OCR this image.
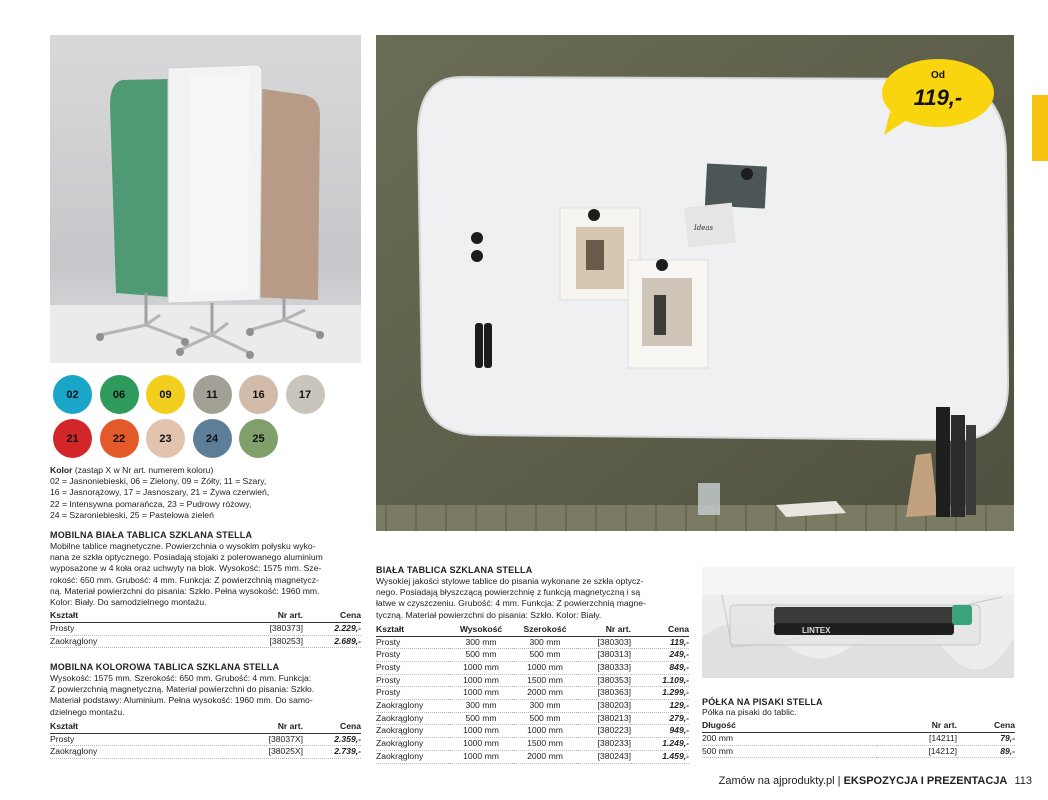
02	06	09	11	16	17
21	22	23	24	25
Kolor (zastąp X w Nr art. numerem koloru)
02 = Jasnoniebieski, 06 = Zielony, 09 = Żółty, 11 = Szary,
16 = Jasnorążowy, 17 = Jasnoszary, 21 = Żywa czerwień,
22 = Intensywna pomarańcza, 23 = Pudrowy różowy,
24 = Szaroniebieski, 25 = Pastelowa zieleń
MOBILNA BIAŁA TABLICA SZKLANA STELLA
Mobilne tablice magnetyczne. Powierzchnia o wysokim połysku wyko-
nana ze szkła optycznego. Posiadają stojaki z polerowanego aluminium
wyposażone w 4 koła oraz uchwyty na blok. Wysokość: 1575 mm. Sze-
rokość: 650 mm. Grubość: 4 mm. Funkcja: Z powierzchnią magnetycz-
ną. Materiał powierzchni do pisania: Szkło. Pełna wysokość: 1960 mm.
Kolor: Biały. Do samodzielnego montażu.
Kształt	Nr art.	Cena
Prosty	[380373]	2.229,-
Zaokrąglony	[380253]	2.689,-
MOBILNA KOLOROWA TABLICA SZKLANA STELLA
Wysokość: 1575 mm. Szerokość: 650 mm. Grubość: 4 mm. Funkcja:
Z powierzchnią magnetyczną. Materiał powierzchni do pisania: Szkło.
Materiał podstawy: Aluminium. Pełna wysokość: 1960 mm. Do samo-
dzielnego montażu.
Kształt	Nr art.	Cena
Prosty	[38037X]	2.359,-
Zaokrąglony	[38025X]	2.739,-
Ideas
Od
119,-
BIAŁA TABLICA SZKLANA STELLA
Wysokiej jakości stylowe tablice do pisania wykonane ze szkła optycz-
nego. Posiadają błyszczącą powierzchnię z funkcją magnetyczną i są
łatwe w czyszczeniu. Grubość: 4 mm. Funkcja: Z powierzchnią magne-
tyczną. Materiał powierzchni do pisania: Szkło. Kolor: Biały.
Kształt	Wysokość	Szerokość	Nr art.	Cena
Prosty	300 mm	300 mm	[380303]	119,-
Prosty	500 mm	500 mm	[380313]	249,-
Prosty	1000 mm	1000 mm	[380333]	849,-
Prosty	1000 mm	1500 mm	[380353]	1.109,-
Prosty	1000 mm	2000 mm	[380363]	1.299,-
Zaokrąglony	300 mm	300 mm	[380203]	129,-
Zaokrąglony	500 mm	500 mm	[380213]	279,-
Zaokrąglony	1000 mm	1000 mm	[380223]	949,-
Zaokrąglony	1000 mm	1500 mm	[380233]	1.249,-
Zaokrąglony	1000 mm	2000 mm	[380243]	1.459,-
LINTEX
PÓŁKA NA PISAKI STELLA
Półka na pisaki do tablic.
Długość	Nr art.	Cena
200 mm	[14211]	79,-
500 mm	[14212]	89,-
Zamów na ajprodukty.pl | EKSPOZYCJA I PREZENTACJA 113
